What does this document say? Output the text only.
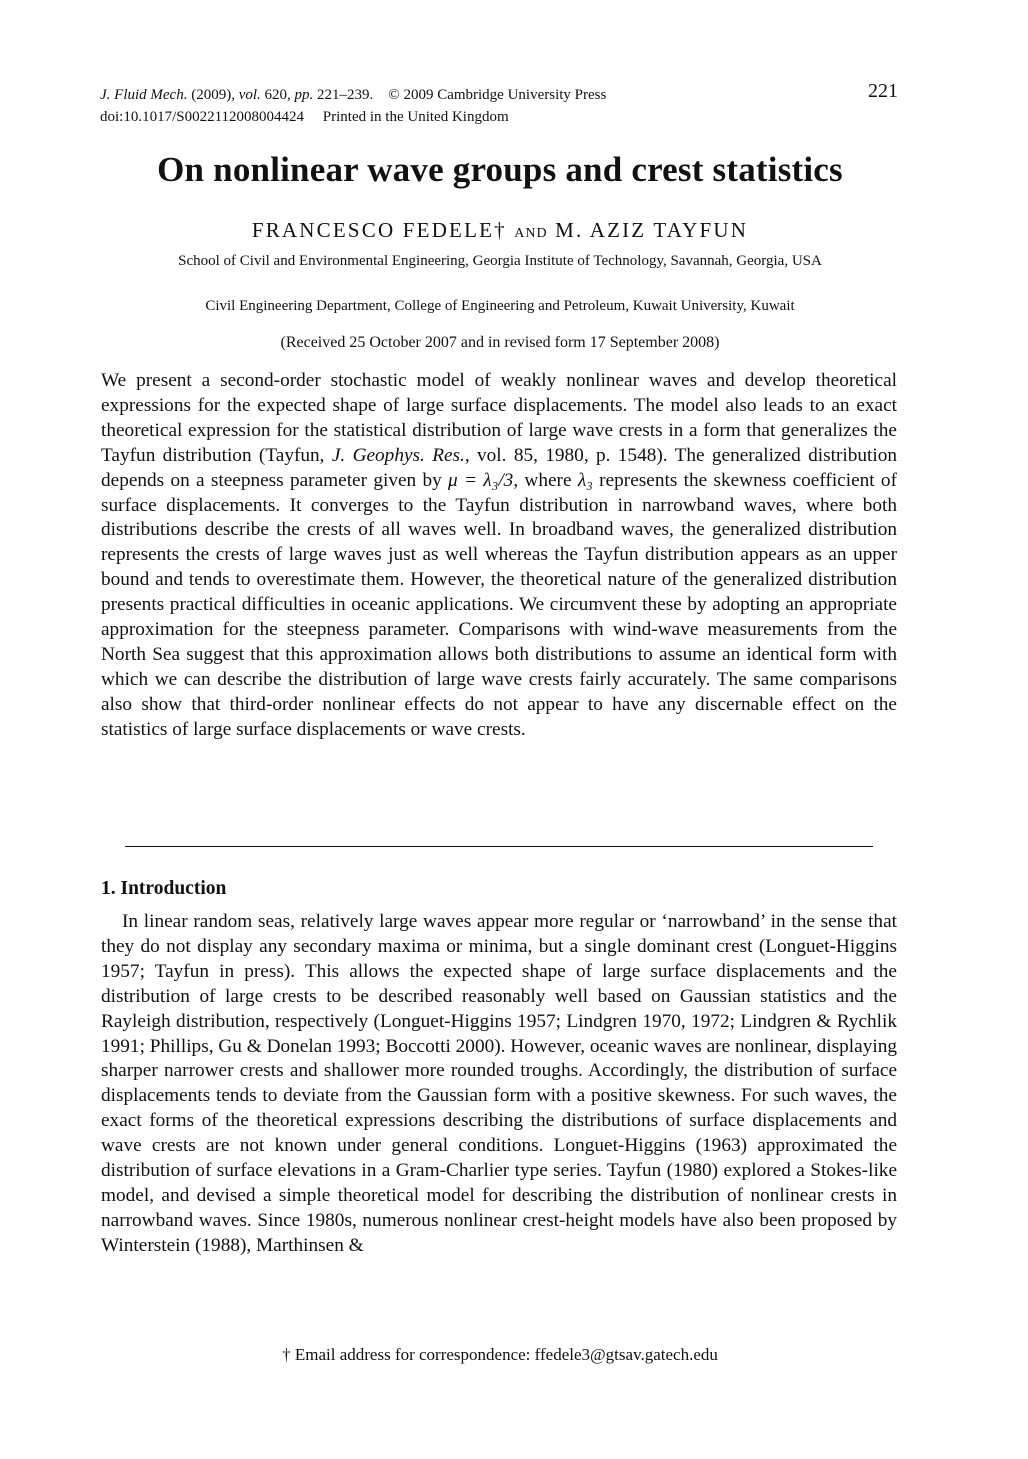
J. Fluid Mech. (2009), vol. 620, pp. 221–239. © 2009 Cambridge University Press
doi:10.1017/S0022112008004424 Printed in the United Kingdom
221
On nonlinear wave groups and crest statistics
FRANCESCO FEDELE† AND M. AZIZ TAYFUN
School of Civil and Environmental Engineering, Georgia Institute of Technology, Savannah, Georgia, USA
Civil Engineering Department, College of Engineering and Petroleum, Kuwait University, Kuwait
(Received 25 October 2007 and in revised form 17 September 2008)
We present a second-order stochastic model of weakly nonlinear waves and develop theoretical expressions for the expected shape of large surface displacements. The model also leads to an exact theoretical expression for the statistical distribution of large wave crests in a form that generalizes the Tayfun distribution (Tayfun, J. Geophys. Res., vol. 85, 1980, p. 1548). The generalized distribution depends on a steepness parameter given by μ = λ₃/3, where λ₃ represents the skewness coefficient of surface displacements. It converges to the Tayfun distribution in narrowband waves, where both distributions describe the crests of all waves well. In broadband waves, the generalized distribution represents the crests of large waves just as well whereas the Tayfun distribution appears as an upper bound and tends to overestimate them. However, the theoretical nature of the generalized distribution presents practical difficulties in oceanic applications. We circumvent these by adopting an appropriate approximation for the steepness parameter. Comparisons with wind-wave measurements from the North Sea suggest that this approximation allows both distributions to assume an identical form with which we can describe the distribution of large wave crests fairly accurately. The same comparisons also show that third-order nonlinear effects do not appear to have any discernable effect on the statistics of large surface displacements or wave crests.
1. Introduction
In linear random seas, relatively large waves appear more regular or ‘narrowband’ in the sense that they do not display any secondary maxima or minima, but a single dominant crest (Longuet-Higgins 1957; Tayfun in press). This allows the expected shape of large surface displacements and the distribution of large crests to be described reasonably well based on Gaussian statistics and the Rayleigh distribution, respectively (Longuet-Higgins 1957; Lindgren 1970, 1972; Lindgren & Rychlik 1991; Phillips, Gu & Donelan 1993; Boccotti 2000). However, oceanic waves are nonlinear, displaying sharper narrower crests and shallower more rounded troughs. Accordingly, the distribution of surface displacements tends to deviate from the Gaussian form with a positive skewness. For such waves, the exact forms of the theoretical expressions describing the distributions of surface displacements and wave crests are not known under general conditions. Longuet-Higgins (1963) approximated the distribution of surface elevations in a Gram-Charlier type series. Tayfun (1980) explored a Stokes-like model, and devised a simple theoretical model for describing the distribution of nonlinear crests in narrowband waves. Since 1980s, numerous nonlinear crest-height models have also been proposed by Winterstein (1988), Marthinsen &
† Email address for correspondence: ffedele3@gtsav.gatech.edu
